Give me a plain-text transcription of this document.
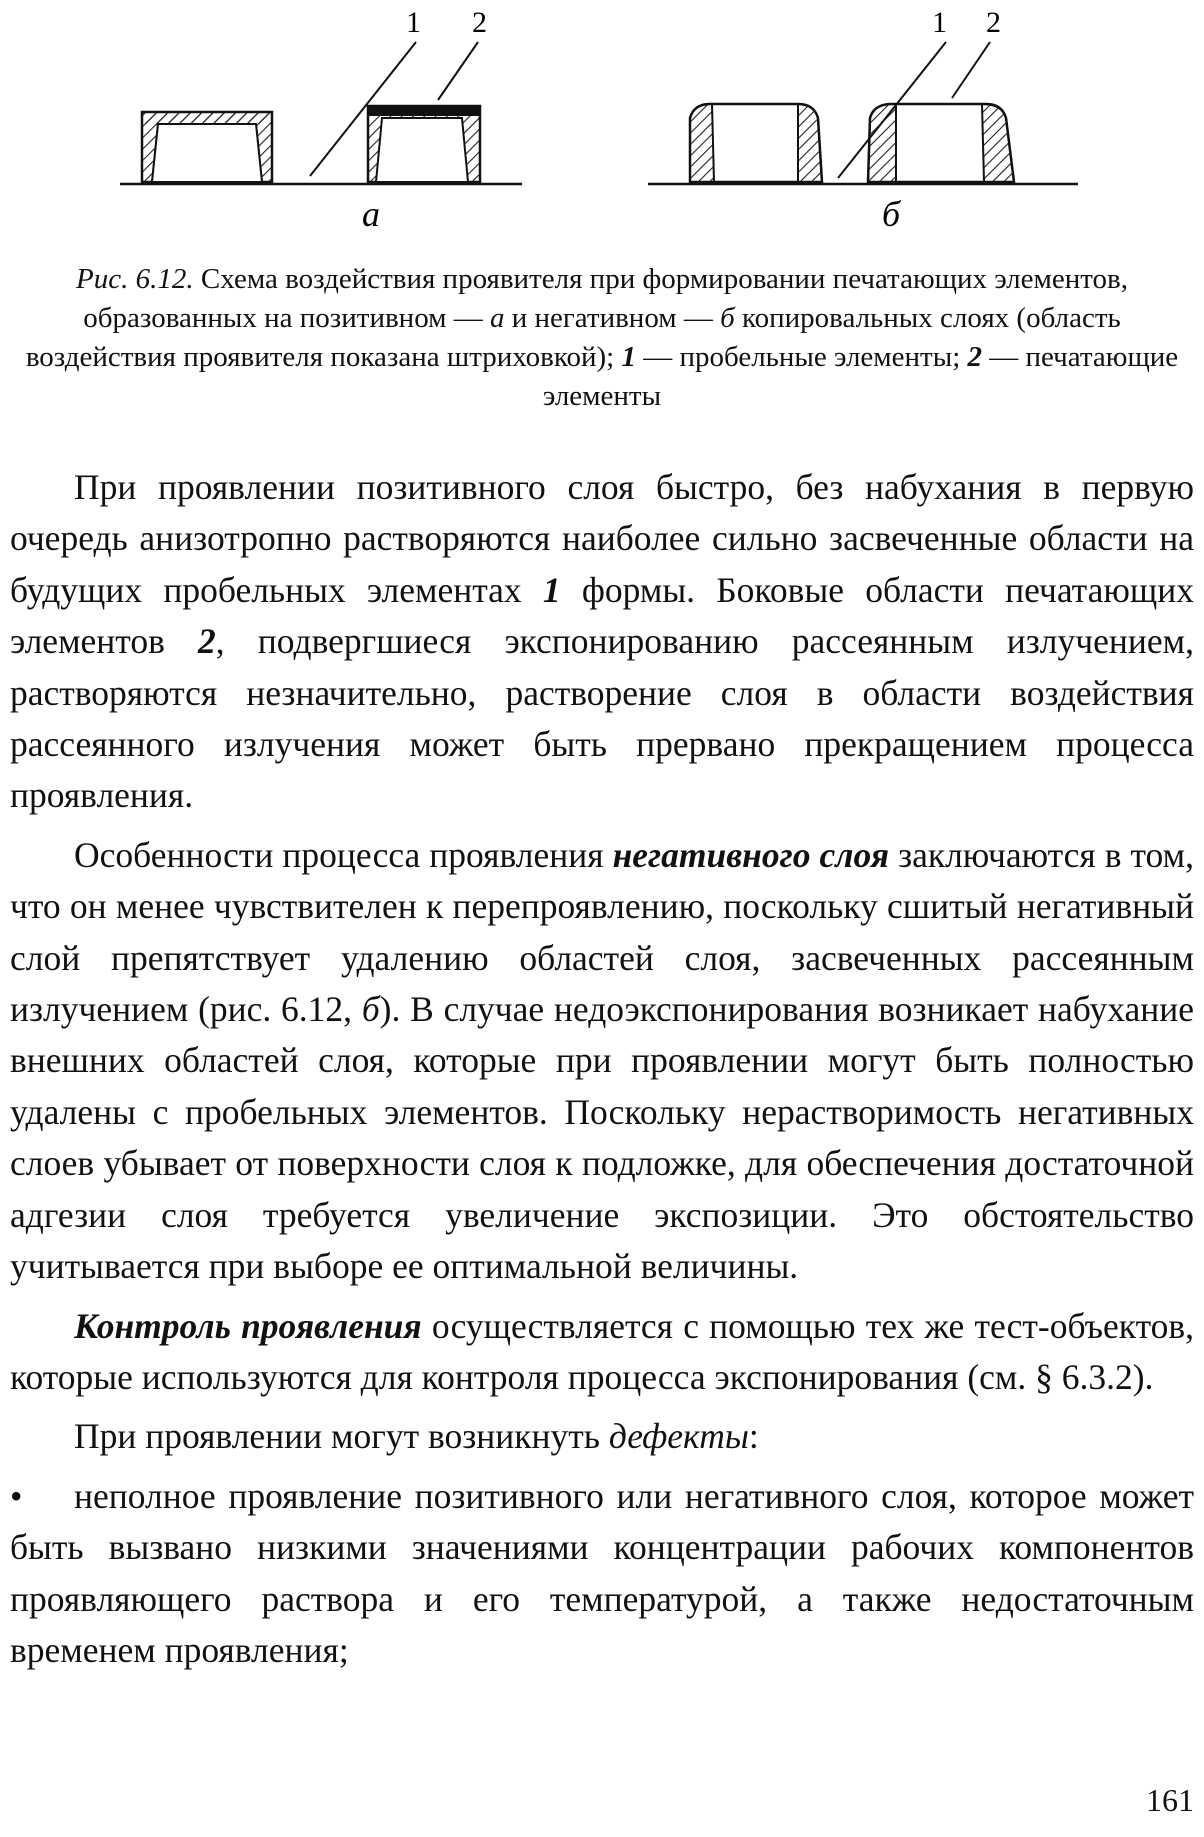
1 2
а
1 2
б
Рис. 6.12. Схема воздействия проявителя при формировании печатающих элементов, образованных на позитивном — а и негативном — б копировальных слоях (область воздействия проявителя показана штриховкой); 1 — пробельные элементы; 2 — печатающие элементы

При проявлении позитивного слоя быстро, без набухания в первую очередь анизотропно растворяются наиболее сильно засвеченные области на будущих пробельных элементах 1 формы. Боковые области печатающих элементов 2, подвергшиеся экспонированию рассеянным излучением, растворяются незначительно, растворение слоя в области воздействия рассеянного излучения может быть прервано прекращением процесса проявления.

Особенности процесса проявления негативного слоя заключаются в том, что он менее чувствителен к перепроявлению, поскольку сшитый негативный слой препятствует удалению областей слоя, засвеченных рассеянным излучением (рис. 6.12, б). В случае недоэкспонирования возникает набухание внешних областей слоя, которые при проявлении могут быть полностью удалены с пробельных элементов. Поскольку нерастворимость негативных слоев убывает от поверхности слоя к подложке, для обеспечения достаточной адгезии слоя требуется увеличение экспозиции. Это обстоятельство учитывается при выборе ее оптимальной величины.

Контроль проявления осуществляется с помощью тех же тест-объектов, которые используются для контроля процесса экспонирования (см. § 6.3.2).

При проявлении могут возникнуть дефекты:

• неполное проявление позитивного или негативного слоя, которое может быть вызвано низкими значениями концентрации рабочих компонентов проявляющего раствора и его температурой, а также недостаточным временем проявления;

161
